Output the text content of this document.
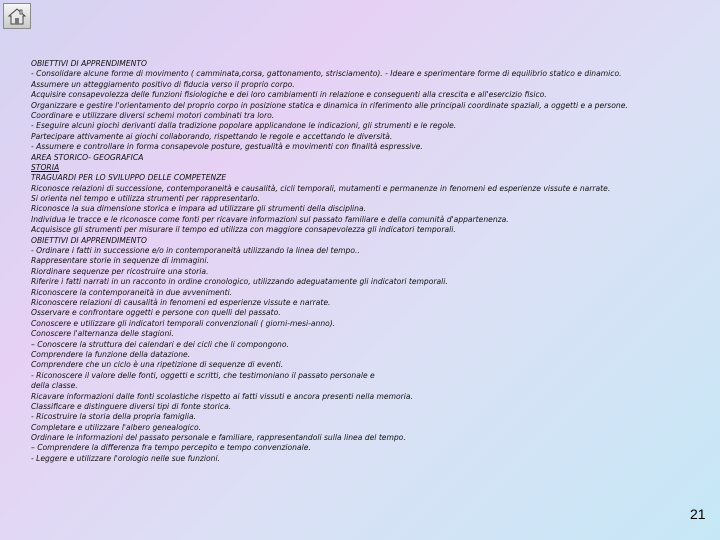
OBIETTIVI DI APPRENDIMENTO
- Consolidare alcune forme di movimento ( camminata,corsa, gattonamento, strisciamento). - Ideare e sperimentare forme di equilibrio statico e dinamico.
Assumere un atteggiamento positivo di fiducia verso il proprio corpo.
Acquisire consapevolezza delle funzioni fisiologiche e dei loro cambiamenti in relazione e conseguenti alla crescita e all'esercizio fisico.
Organizzare e gestire l'orientamento del proprio corpo in posizione statica e dinamica in riferimento alle principali coordinate spaziali, a oggetti e a persone.
Coordinare e utilizzare diversi schemi motori combinati tra loro.
- Eseguire alcuni giochi derivanti dalla tradizione popolare applicandone le indicazioni, gli strumenti e le regole.
Partecipare attivamente ai giochi collaborando, rispettando le regole e accettando le diversità.
- Assumere e controllare in forma consapevole posture, gestualità e movimenti con finalità espressive.
AREA STORICO- GEOGRAFICA
STORIA
TRAGUARDI PER LO SVILUPPO DELLE COMPETENZE
Riconosce relazioni di successione, contemporaneità e causalità, cicli temporali, mutamenti e permanenze in fenomeni ed esperienze vissute e narrate.
Si orienta nel tempo e utilizza strumenti per rappresentarlo.
Riconosce la sua dimensione storica e impara ad utilizzare gli strumenti della disciplina.
Individua le tracce e le riconosce come fonti per ricavare informazioni sul passato familiare e della comunità d'appartenenza.
Acquisisce gli strumenti per misurare il tempo ed utilizza con maggiore consapevolezza gli indicatori temporali.
OBIETTIVI DI APPRENDIMENTO
- Ordinare i fatti in successione e/o in contemporaneità utilizzando la linea del tempo..
Rappresentare storie in sequenze di immagini.
Riordinare sequenze per ricostruire una storia.
Riferire i fatti narrati in un racconto in ordine cronologico, utilizzando adeguatamente gli indicatori temporali.
Riconoscere la contemporaneità in due avvenimenti.
Riconoscere relazioni di causalità in fenomeni ed esperienze vissute e narrate.
Osservare e confrontare oggetti e persone con quelli del passato.
Conoscere e utilizzare gli indicatori temporali convenzionali ( giorni-mesi-anno).
Conoscere l'alternanza delle stagioni.
– Conoscere la struttura dei calendari e dei cicli che li compongono.
Comprendere la funzione della datazione.
Comprendere che un ciclo è una ripetizione di sequenze di eventi.
- Riconoscere il valore delle fonti, oggetti e scritti, che testimoniano il passato personale e
della classe.
Ricavare informazioni dalle fonti scolastiche rispetto ai fatti vissuti e ancora presenti nella memoria.
Classificare e distinguere diversi tipi di fonte storica.
- Ricostruire la storia della propria famiglia.
Completare e utilizzare l'albero genealogico.
Ordinare le informazioni del passato personale e familiare, rappresentandoli sulla linea del tempo.
– Comprendere la differenza fra tempo percepito e tempo convenzionale.
- Leggere e utilizzare l'orologio nelle sue funzioni.
21
